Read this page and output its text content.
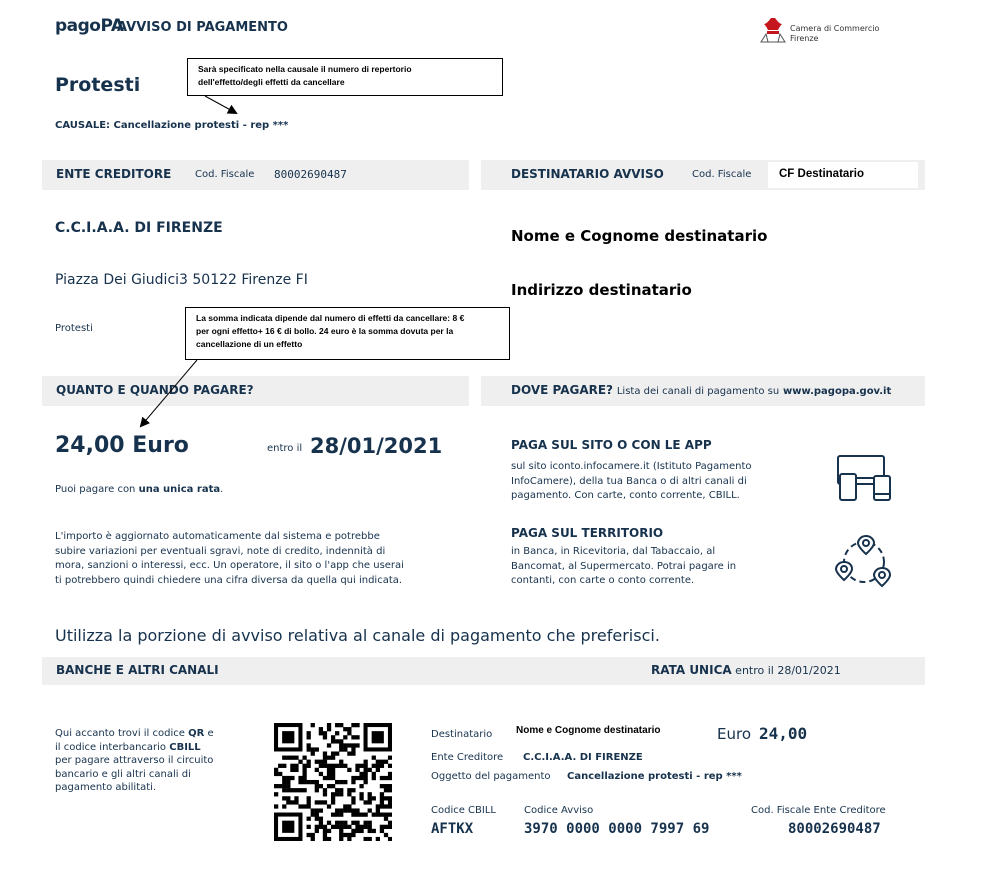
pagoPA
AVVISO DI PAGAMENTO	Camera di Commercio
Firenze
Protesti
CAUSALE: Cancellazione protesti - rep ***
Sarà specificato nella causale il numero di repertorio
dell'effetto/degli effetti da cancellare
ENTE CREDITORE Cod. Fiscale 80002690487	DESTINATARIO AVVISO	Cod. Fiscale CF Destinatario
C.C.I.A.A. DI FIRENZE
Piazza Dei Giudici3 50122 Firenze FI
Protesti
Nome e Cognome destinatario
Indirizzo destinatario
La somma indicata dipende dal numero di effetti da cancellare: 8 €
per ogni effetto+ 16 € di bollo. 24 euro è la somma dovuta per la
cancellazione di un effetto
QUANTO E QUANDO PAGARE?	DOVE PAGARE? Lista dei canali di pagamento su www.pagopa.gov.it
24,00 Euro	entro il 28/01/2021
Puoi pagare con una unica rata.
L'importo è aggiornato automaticamente dal sistema e potrebbe
subire variazioni per eventuali sgravi, note di credito, indennità di
mora, sanzioni o interessi, ecc. Un operatore, il sito o l'app che userai
ti potrebbero quindi chiedere una cifra diversa da quella qui indicata.
PAGA SUL SITO O CON LE APP
sul sito iconto.infocamere.it (Istituto Pagamento
InfoCamere), della tua Banca o di altri canali di
pagamento. Con carte, conto corrente, CBILL.
PAGA SUL TERRITORIO
in Banca, in Ricevitoria, dal Tabaccaio, al
Bancomat, al Supermercato. Potrai pagare in
contanti, con carte o conto corrente.
Utilizza la porzione di avviso relativa al canale di pagamento che preferisci.
BANCHE E ALTRI CANALI	RATA UNICA entro il 28/01/2021
Qui accanto trovi il codice QR e
il codice interbancario CBILL
per pagare attraverso il circuito
bancario e gli altri canali di
pagamento abilitati.
Destinatario Nome e Cognome destinatario	Euro 24,00
Ente Creditore C.C.I.A.A. DI FIRENZE
Oggetto del pagamento Cancellazione protesti - rep ***
Codice CBILL
AFTKX
Codice Avviso
3970 0000 0000 7997 69
Cod. Fiscale Ente Creditore
80002690487
